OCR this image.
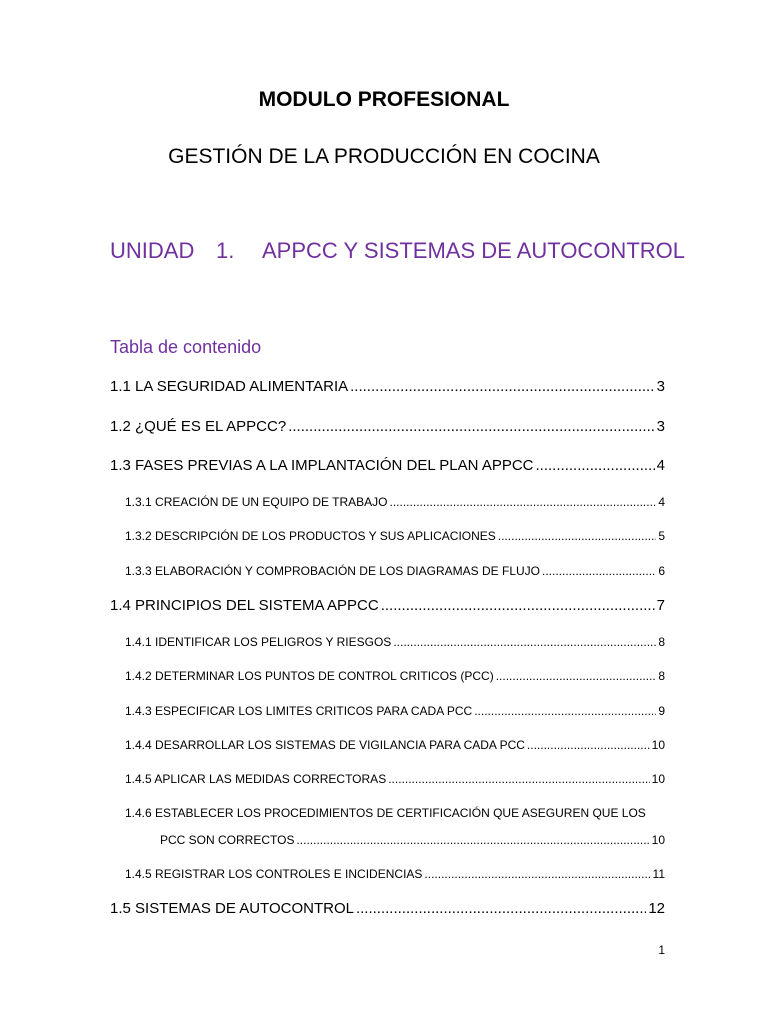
MODULO PROFESIONAL
GESTIÓN DE LA PRODUCCIÓN EN COCINA
UNIDAD 1. APPCC Y SISTEMAS DE AUTOCONTROL
Tabla de contenido
1.1 LA SEGURIDAD ALIMENTARIA .....	3
1.2 ¿QUÉ ES EL APPCC? .....	3
1.3 FASES PREVIAS A LA IMPLANTACIÓN DEL PLAN APPCC .....	4
1.3.1 CREACIÓN DE UN EQUIPO DE TRABAJO .....	4
1.3.2 DESCRIPCIÓN DE LOS PRODUCTOS Y SUS APLICACIONES .....	5
1.3.3 ELABORACIÓN Y COMPROBACIÓN DE LOS DIAGRAMAS DE FLUJO .....	6
1.4 PRINCIPIOS DEL SISTEMA APPCC .....	7
1.4.1 IDENTIFICAR LOS PELIGROS Y RIESGOS .....	8
1.4.2 DETERMINAR LOS PUNTOS DE CONTROL CRITICOS (PCC) .....	8
1.4.3 ESPECIFICAR LOS LIMITES CRITICOS PARA CADA PCC .....	9
1.4.4 DESARROLLAR LOS SISTEMAS DE VIGILANCIA PARA CADA PCC .....	10
1.4.5 APLICAR LAS MEDIDAS CORRECTORAS .....	10
1.4.6 ESTABLECER LOS PROCEDIMIENTOS DE CERTIFICACIÓN QUE ASEGUREN QUE LOS
PCC SON CORRECTOS .....	10
1.4.5 REGISTRAR LOS CONTROLES E INCIDENCIAS .....	11
1.5 SISTEMAS DE AUTOCONTROL .....	12
1
